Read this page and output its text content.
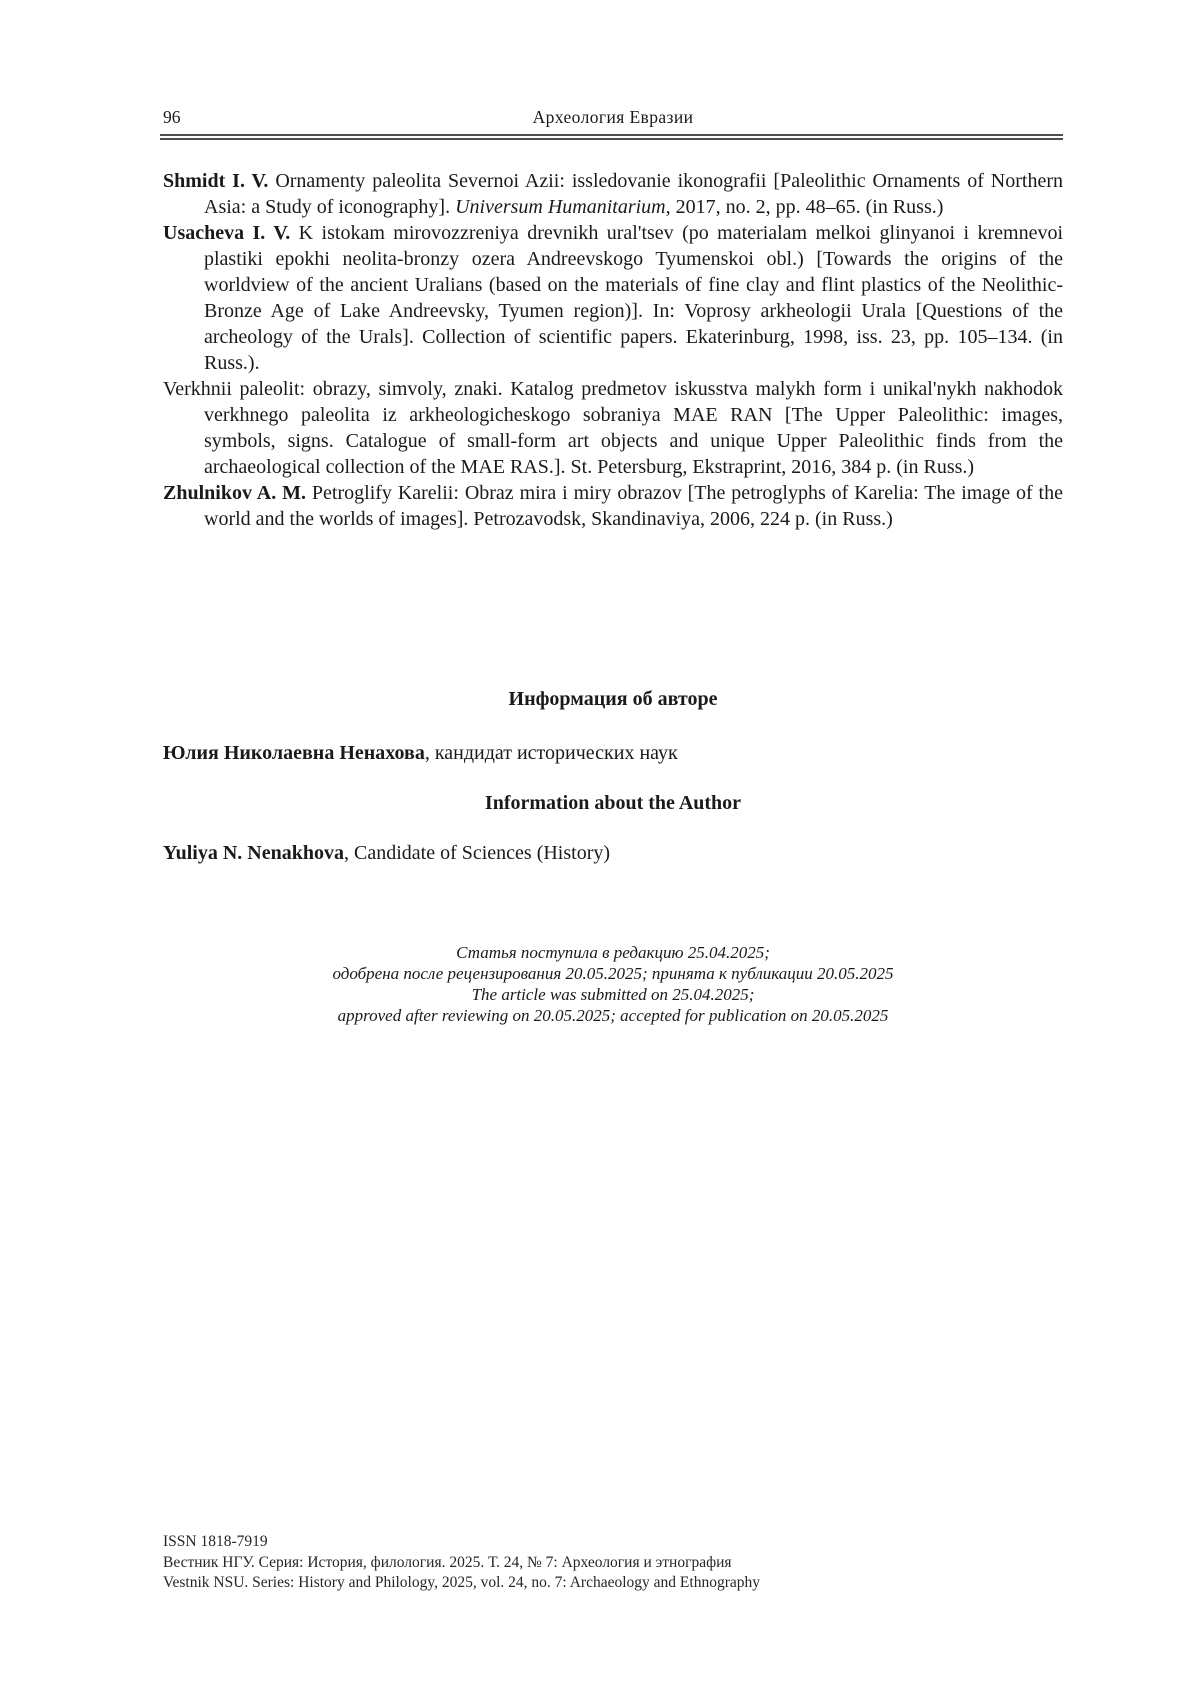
96	Археология Евразии

Shmidt I. V. Ornamenty paleolita Severnoi Azii: issledovanie ikonografii [Paleolithic Ornaments of Northern Asia: a Study of iconography]. Universum Humanitarium, 2017, no. 2, pp. 48–65. (in Russ.)

Usacheva I. V. K istokam mirovozzreniya drevnikh ural'tsev (po materialam melkoi glinyanoi i kremnevoi plastiki epokhi neolita-bronzy ozera Andreevskogo Tyumenskoi obl.) [Towards the origins of the worldview of the ancient Uralians (based on the materials of fine clay and flint plastics of the Neolithic-Bronze Age of Lake Andreevsky, Tyumen region)]. In: Voprosy arkheologii Urala [Questions of the archeology of the Urals]. Collection of scientific papers. Ekaterinburg, 1998, iss. 23, pp. 105–134. (in Russ.).

Verkhnii paleolit: obrazy, simvoly, znaki. Katalog predmetov iskusstva malykh form i unikal'nykh nakhodok verkhnego paleolita iz arkheologicheskogo sobraniya MAE RAN [The Upper Paleolithic: images, symbols, signs. Catalogue of small-form art objects and unique Upper Paleolithic finds from the archaeological collection of the MAE RAS.]. St. Petersburg, Ekstraprint, 2016, 384 p. (in Russ.)

Zhulnikov A. M. Petroglify Karelii: Obraz mira i miry obrazov [The petroglyphs of Karelia: The image of the world and the worlds of images]. Petrozavodsk, Skandinaviya, 2006, 224 p. (in Russ.)

Информация об авторе

Юлия Николаевна Ненахова, кандидат исторических наук

Information about the Author

Yuliya N. Nenakhova, Candidate of Sciences (History)

Статья поступила в редакцию 25.04.2025;
одобрена после рецензирования 20.05.2025; принята к публикации 20.05.2025
The article was submitted on 25.04.2025;
approved after reviewing on 20.05.2025; accepted for publication on 20.05.2025
ISSN 1818-7919
Вестник НГУ. Серия: История, филология. 2025. Т. 24, № 7: Археология и этнография
Vestnik NSU. Series: History and Philology, 2025, vol. 24, no. 7: Archaeology and Ethnography
